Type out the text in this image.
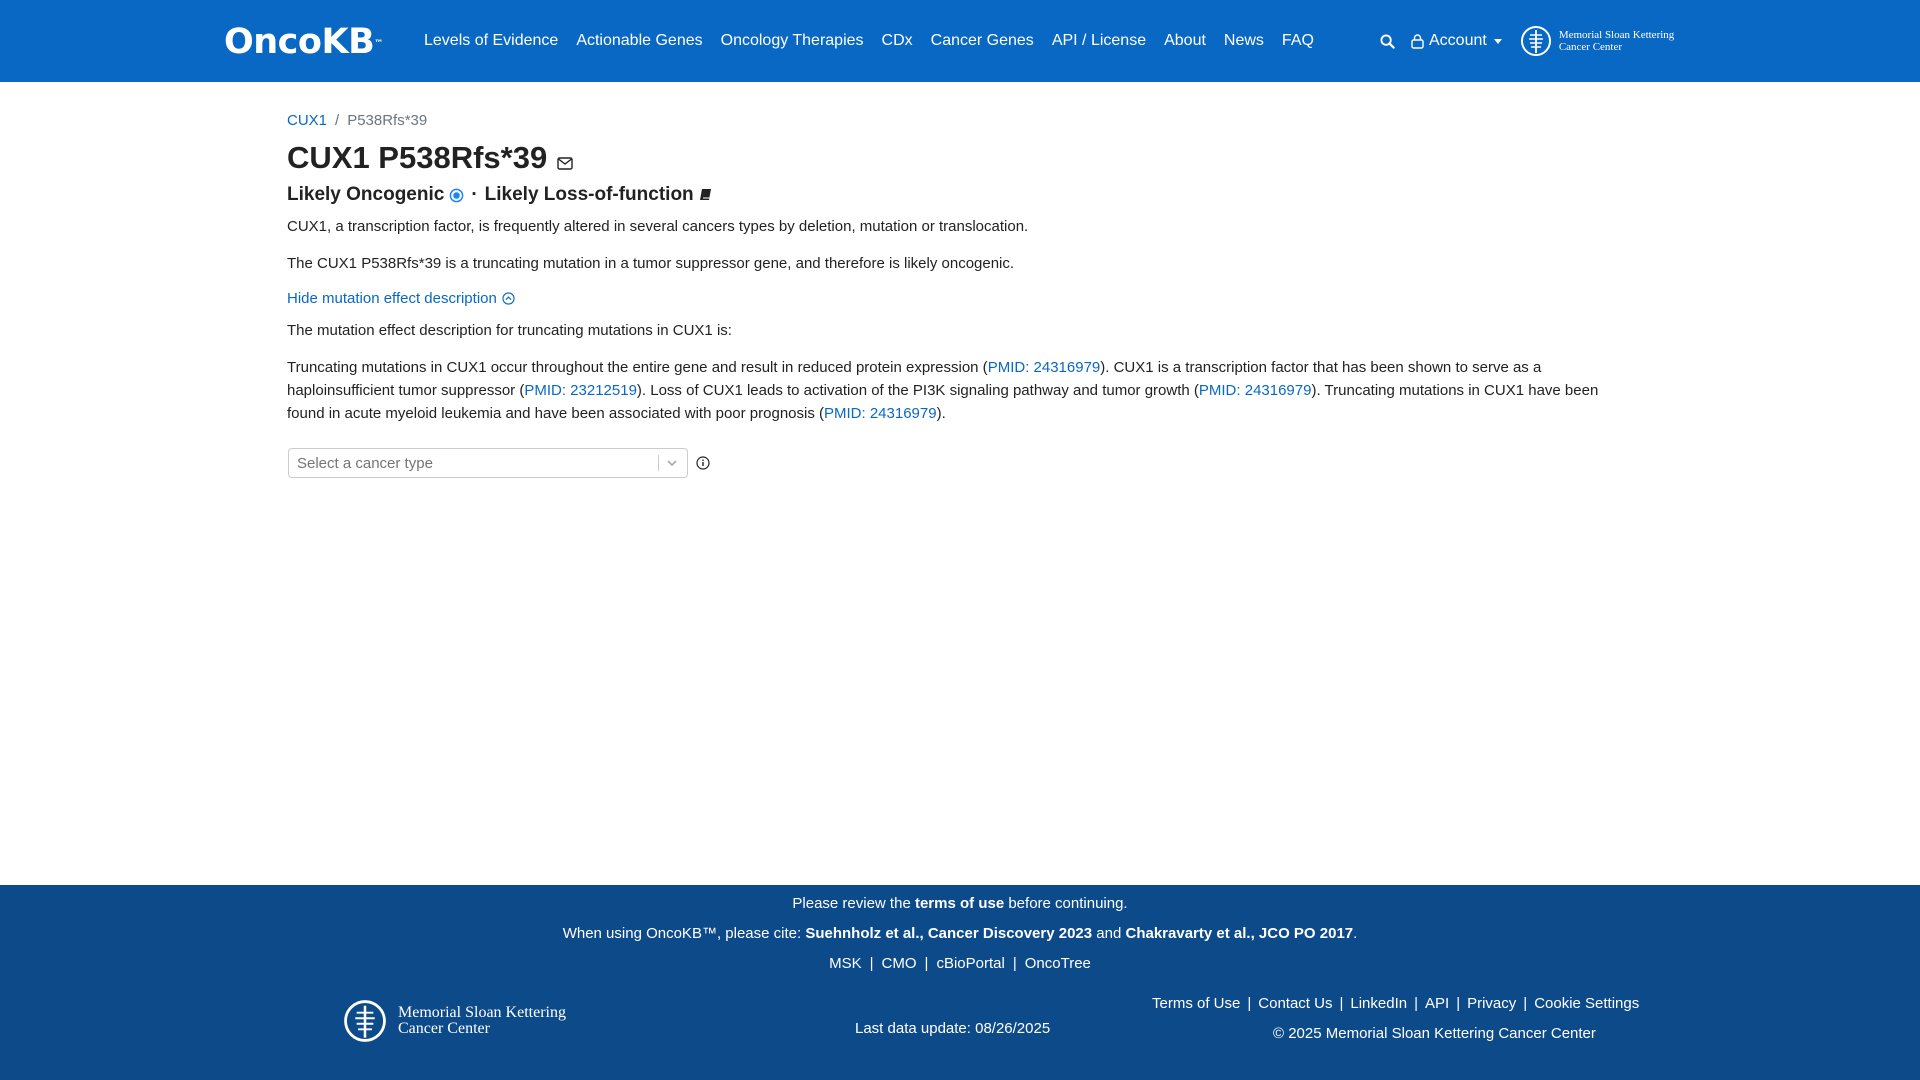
OncoKB™	Levels of Evidence	Actionable Genes	Oncology Therapies	CDx	Cancer Genes	API / License	About	News	FAQ	Account	Memorial Sloan Kettering
Cancer Center
CUX1 / P538Rfs*39
CUX1 P538Rfs*39
Likely Oncogenic · Likely Loss-of-function

CUX1, a transcription factor, is frequently altered in several cancers types by deletion, mutation or translocation.

The CUX1 P538Rfs*39 is a truncating mutation in a tumor suppressor gene, and therefore is likely oncogenic.

Hide mutation effect description

The mutation effect description for truncating mutations in CUX1 is:

Truncating mutations in CUX1 occur throughout the entire gene and result in reduced protein expression (PMID: 24316979). CUX1 is a transcription factor that has been shown to serve as a haploinsufficient tumor suppressor (PMID: 23212519). Loss of CUX1 leads to activation of the PI3K signaling pathway and tumor growth (PMID: 24316979). Truncating mutations in CUX1 have been found in acute myeloid leukemia and have been associated with poor prognosis (PMID: 24316979).

Select a cancer type
Please review the terms of use before continuing.
When using OncoKB™, please cite: Suehnholz et al., Cancer Discovery 2023 and Chakravarty et al., JCO PO 2017.
MSK | CMO | cBioPortal | OncoTree
Memorial Sloan Kettering
Cancer Center	Last data update: 08/26/2025
Terms of Use | Contact Us | LinkedIn | API | Privacy | Cookie Settings
© 2025 Memorial Sloan Kettering Cancer Center
